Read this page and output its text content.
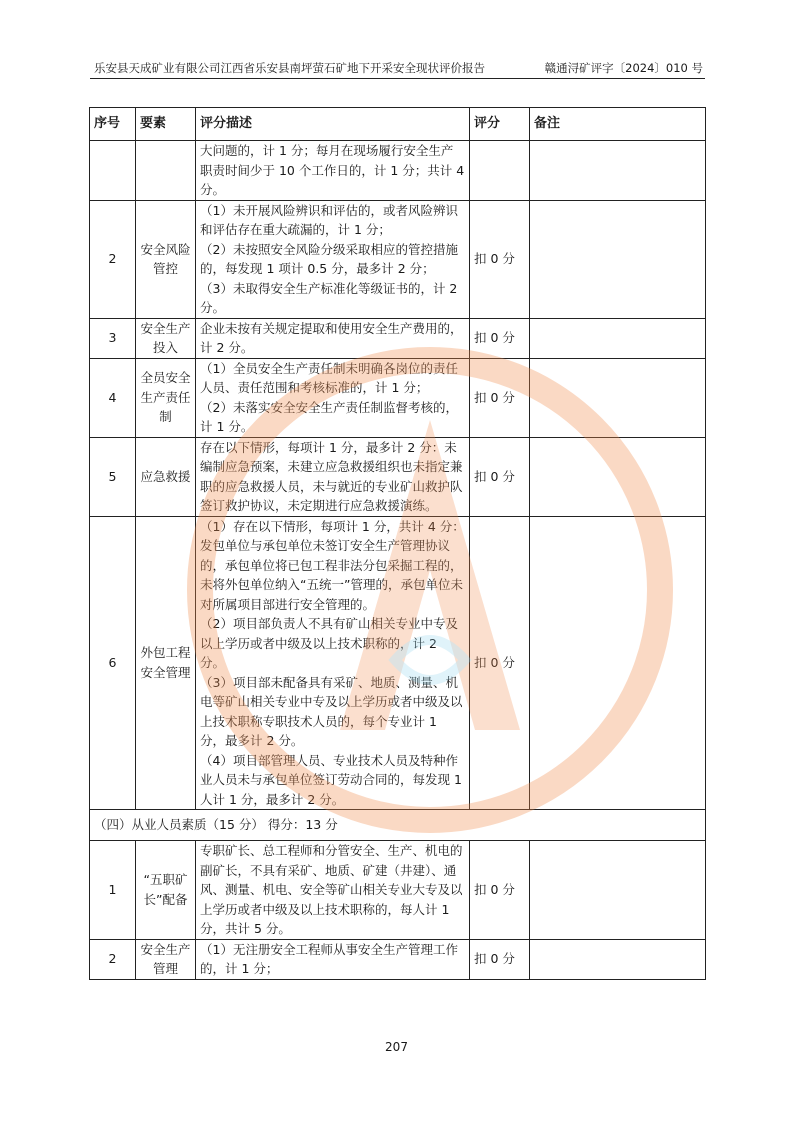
乐安县天成矿业有限公司江西省乐安县南坪萤石矿地下开采安全现状评价报告	赣通浔矿评字〔2024〕010 号
序号	要素	评分描述	评分	备注

		大问题的，计 1 分；每月在现场履行安全生产职责时间少于 10 个工作日的，计 1 分；共计 4 分。		

2	安全风险管控	（1）未开展风险辨识和评估的，或者风险辨识和评估存在重大疏漏的，计 1 分；
（2）未按照安全风险分级采取相应的管控措施的，每发现 1 项计 0.5 分，最多计 2 分；
（3）未取得安全生产标准化等级证书的，计 2 分。	扣 0 分	
3	安全生产投入	企业未按有关规定提取和使用安全生产费用的，计 2 分。	扣 0 分	
4	全员安全生产责任制	（1）全员安全生产责任制未明确各岗位的责任人员、责任范围和考核标准的，计 1 分；
（2）未落实安全安全生产责任制监督考核的，计 1 分。	扣 0 分	
5	应急救援	存在以下情形，每项计 1 分，最多计 2 分：未编制应急预案，未建立应急救援组织也未指定兼职的应急救援人员，未与就近的专业矿山救护队签订救护协议，未定期进行应急救援演练。	扣 0 分	
6	外包工程安全管理	（1）存在以下情形，每项计 1 分，共计 4 分：发包单位与承包单位未签订安全生产管理协议的，承包单位将已包工程非法分包采掘工程的，未将外包单位纳入“五统一”管理的，承包单位未对所属项目部进行安全管理的。
（2）项目部负责人不具有矿山相关专业中专及以上学历或者中级及以上技术职称的，计 2 分。
（3）项目部未配备具有采矿、地质、测量、机电等矿山相关专业中专及以上学历或者中级及以上技术职称专职技术人员的，每个专业计 1 分，最多计 2 分。
（4）项目部管理人员、专业技术人员及特种作业人员未与承包单位签订劳动合同的，每发现 1 人计 1 分，最多计 2 分。	扣 0 分	
（四）从业人员素质（15 分） 得分：13 分				
1	“五职矿长”配备	专职矿长、总工程师和分管安全、生产、机电的副矿长，不具有采矿、地质、矿建（井建）、通风、测量、机电、安全等矿山相关专业大专及以上学历或者中级及以上技术职称的，每人计 1 分，共计 5 分。	扣 0 分	
2	安全生产管理	（1）无注册安全工程师从事安全生产管理工作的，计 1 分；	扣 0 分	
207
